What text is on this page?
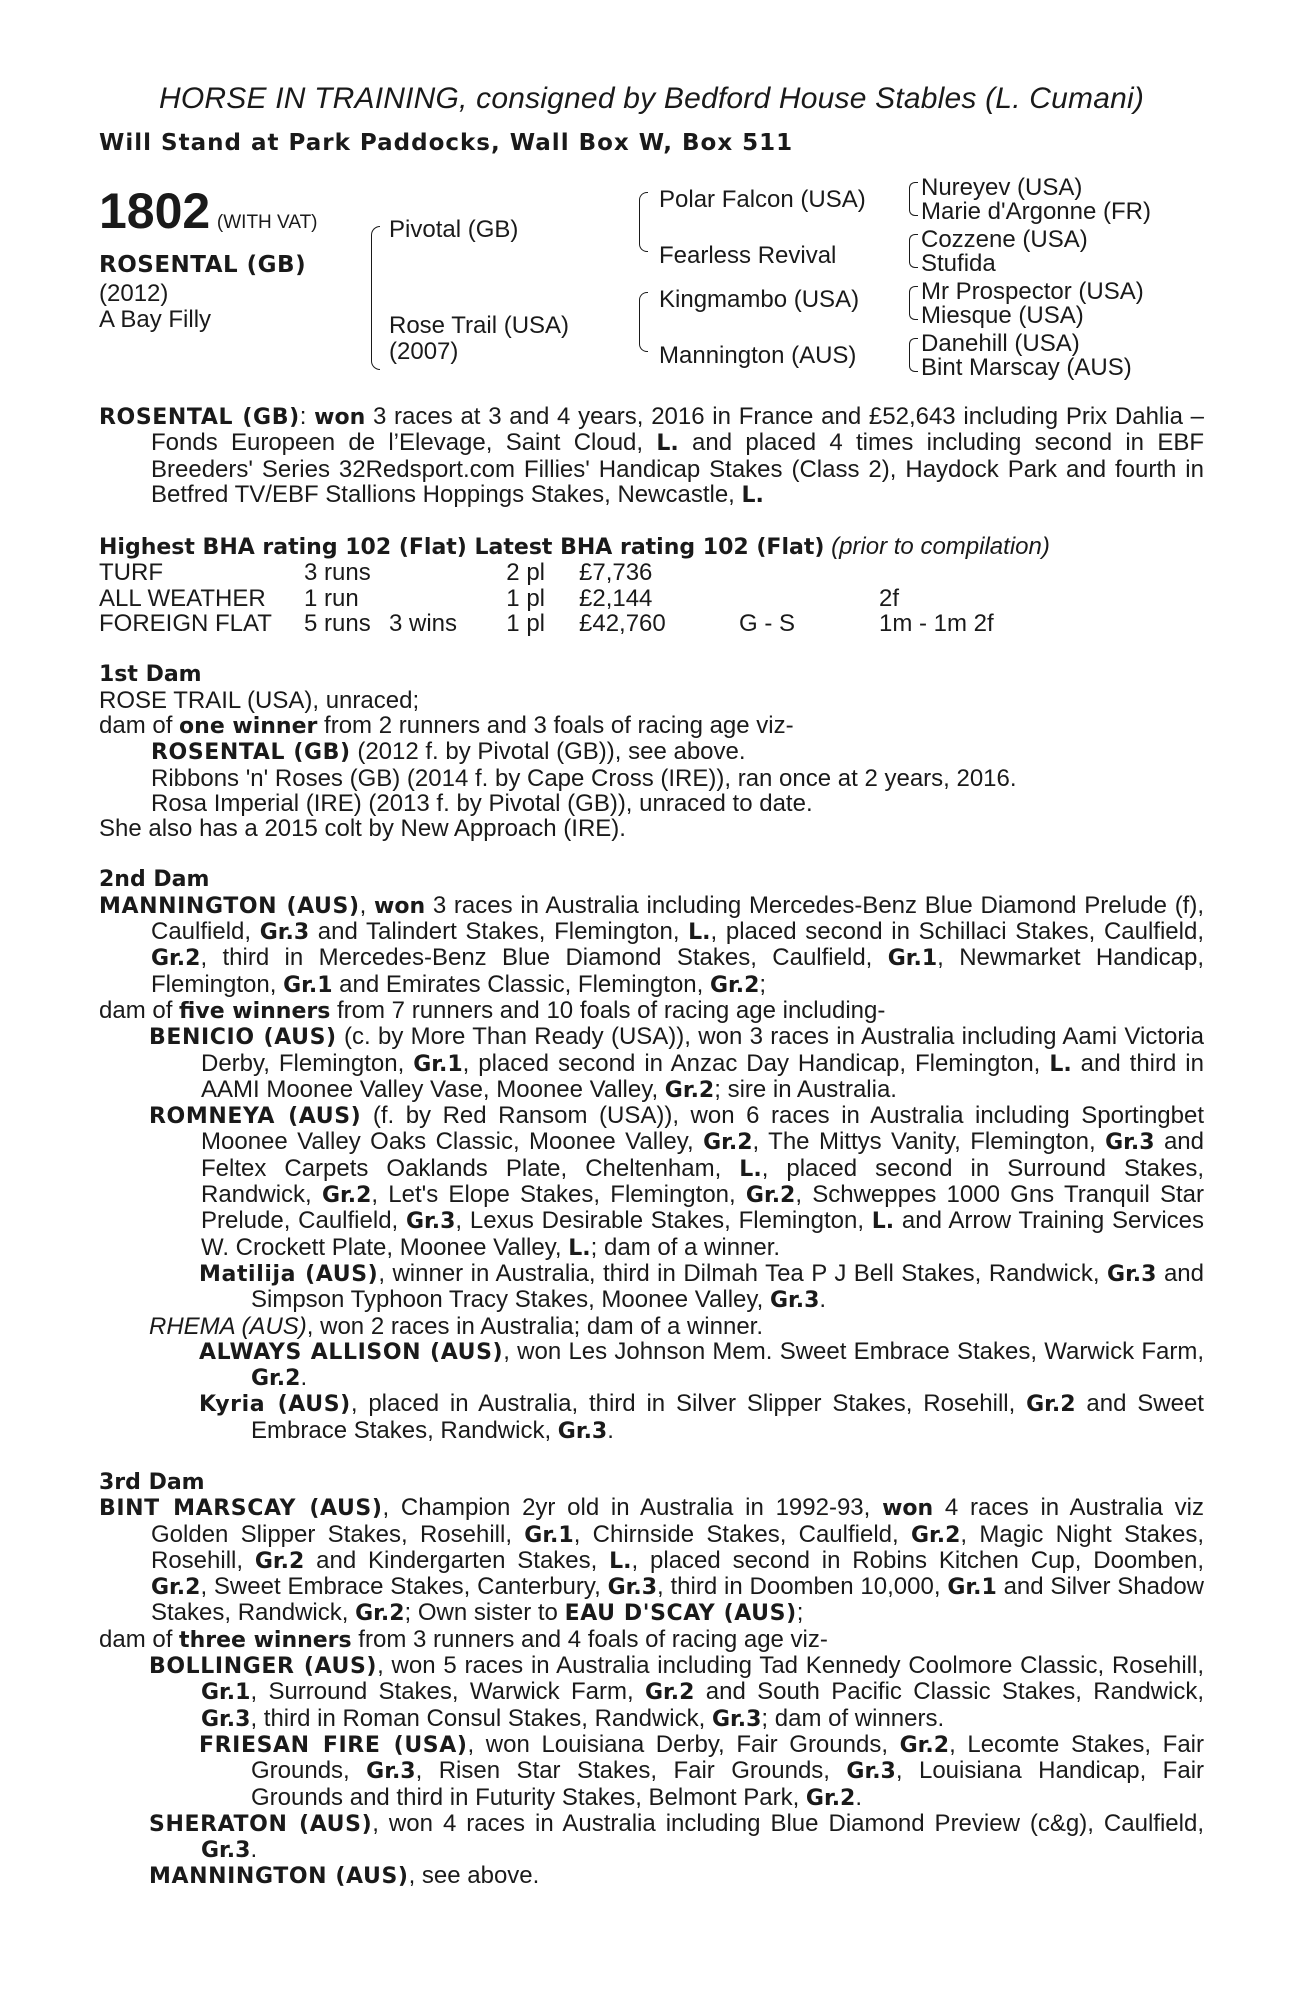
HORSE IN TRAINING, consigned by Bedford House Stables (L. Cumani)
Will Stand at Park Paddocks, Wall Box W, Box 511
1802 (WITH VAT)
ROSENTAL (GB)
(2012)
A Bay Filly
Pivotal (GB)
Rose Trail (USA)
(2007)
Polar Falcon (USA)
Fearless Revival
Kingmambo (USA)
Mannington (AUS)
Nureyev (USA)
Marie d'Argonne (FR)
Cozzene (USA)
Stufida
Mr Prospector (USA)
Miesque (USA)
Danehill (USA)
Bint Marscay (AUS)

ROSENTAL (GB): won 3 races at 3 and 4 years, 2016 in France and £52,643 including Prix Dahlia – Fonds Europeen de l’Elevage, Saint Cloud, L. and placed 4 times including second in EBF Breeders' Series 32Redsport.com Fillies' Handicap Stakes (Class 2), Haydock Park and fourth in Betfred TV/EBF Stallions Hoppings Stakes, Newcastle, L.

Highest BHA rating 102 (Flat) Latest BHA rating 102 (Flat) (prior to compilation)

TURF	3 runs		2 pl	£7,736		
ALL WEATHER	1 run		1 pl	£2,144		2f
FOREIGN FLAT	5 runs	3 wins	1 pl	£42,760	G - S	1m - 1m 2f

1st Dam

ROSE TRAIL (USA), unraced;

dam of one winner from 2 runners and 3 foals of racing age viz-

ROSENTAL (GB) (2012 f. by Pivotal (GB)), see above.

Ribbons 'n' Roses (GB) (2014 f. by Cape Cross (IRE)), ran once at 2 years, 2016.

Rosa Imperial (IRE) (2013 f. by Pivotal (GB)), unraced to date.

She also has a 2015 colt by New Approach (IRE).

2nd Dam

MANNINGTON (AUS), won 3 races in Australia including Mercedes-Benz Blue Diamond Prelude (f), Caulfield, Gr.3 and Talindert Stakes, Flemington, L., placed second in Schillaci Stakes, Caulfield, Gr.2, third in Mercedes-Benz Blue Diamond Stakes, Caulfield, Gr.1, Newmarket Handicap, Flemington, Gr.1 and Emirates Classic, Flemington, Gr.2;

dam of five winners from 7 runners and 10 foals of racing age including-

BENICIO (AUS) (c. by More Than Ready (USA)), won 3 races in Australia including Aami Victoria Derby, Flemington, Gr.1, placed second in Anzac Day Handicap, Flemington, L. and third in AAMI Moonee Valley Vase, Moonee Valley, Gr.2; sire in Australia.

ROMNEYA (AUS) (f. by Red Ransom (USA)), won 6 races in Australia including Sportingbet Moonee Valley Oaks Classic, Moonee Valley, Gr.2, The Mittys Vanity, Flemington, Gr.3 and Feltex Carpets Oaklands Plate, Cheltenham, L., placed second in Surround Stakes, Randwick, Gr.2, Let's Elope Stakes, Flemington, Gr.2, Schweppes 1000 Gns Tranquil Star Prelude, Caulfield, Gr.3, Lexus Desirable Stakes, Flemington, L. and Arrow Training Services W. Crockett Plate, Moonee Valley, L.; dam of a winner.

Matilija (AUS), winner in Australia, third in Dilmah Tea P J Bell Stakes, Randwick, Gr.3 and Simpson Typhoon Tracy Stakes, Moonee Valley, Gr.3.

RHEMA (AUS), won 2 races in Australia; dam of a winner.

ALWAYS ALLISON (AUS), won Les Johnson Mem. Sweet Embrace Stakes, Warwick Farm, Gr.2.

Kyria (AUS), placed in Australia, third in Silver Slipper Stakes, Rosehill, Gr.2 and Sweet Embrace Stakes, Randwick, Gr.3.

3rd Dam

BINT MARSCAY (AUS), Champion 2yr old in Australia in 1992-93, won 4 races in Australia viz Golden Slipper Stakes, Rosehill, Gr.1, Chirnside Stakes, Caulfield, Gr.2, Magic Night Stakes, Rosehill, Gr.2 and Kindergarten Stakes, L., placed second in Robins Kitchen Cup, Doomben, Gr.2, Sweet Embrace Stakes, Canterbury, Gr.3, third in Doomben 10,000, Gr.1 and Silver Shadow Stakes, Randwick, Gr.2; Own sister to EAU D'SCAY (AUS);

dam of three winners from 3 runners and 4 foals of racing age viz-

BOLLINGER (AUS), won 5 races in Australia including Tad Kennedy Coolmore Classic, Rosehill, Gr.1, Surround Stakes, Warwick Farm, Gr.2 and South Pacific Classic Stakes, Randwick, Gr.3, third in Roman Consul Stakes, Randwick, Gr.3; dam of winners.

FRIESAN FIRE (USA), won Louisiana Derby, Fair Grounds, Gr.2, Lecomte Stakes, Fair Grounds, Gr.3, Risen Star Stakes, Fair Grounds, Gr.3, Louisiana Handicap, Fair Grounds and third in Futurity Stakes, Belmont Park, Gr.2.

SHERATON (AUS), won 4 races in Australia including Blue Diamond Preview (c&g), Caulfield, Gr.3.

MANNINGTON (AUS), see above.
